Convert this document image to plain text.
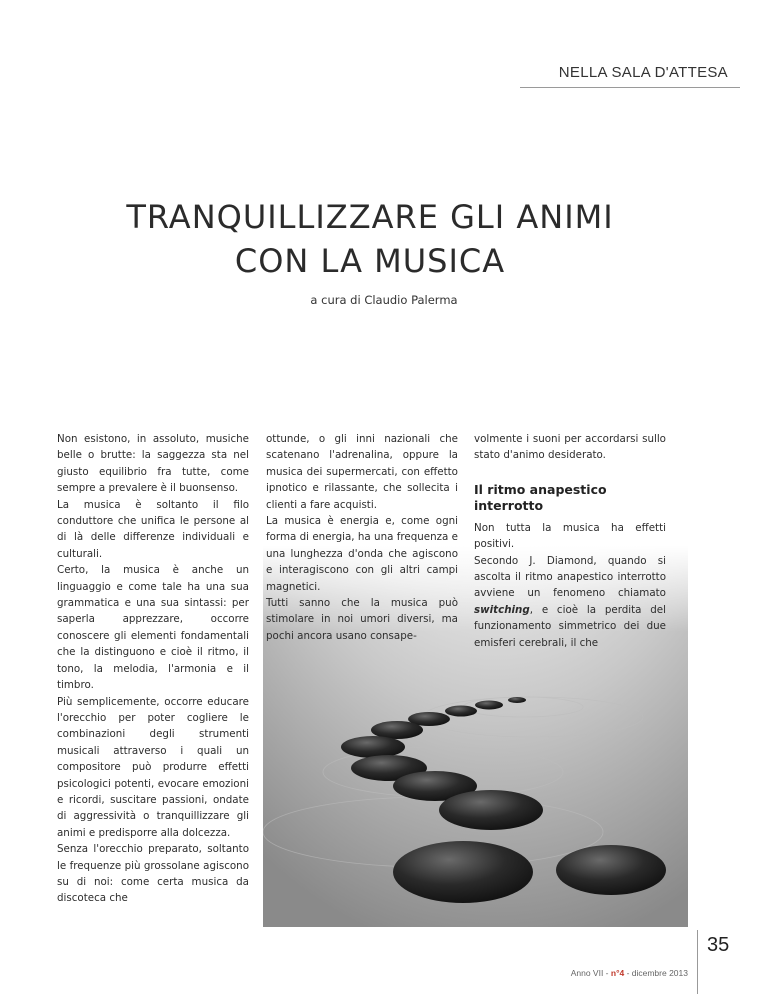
NELLA SALA D'ATTESA
TRANQUILLIZZARE GLI ANIMI
CON LA MUSICA
a cura di Claudio Palerma

Non esistono, in assoluto, musiche belle o brutte: la saggezza sta nel giusto equilibrio fra tutte, come sempre a prevalere è il buonsenso.

La musica è soltanto il filo conduttore che unifica le persone al di là delle differenze individuali e culturali.

Certo, la musica è anche un linguaggio e come tale ha una sua grammatica e una sua sintassi: per saperla apprezzare, occorre conoscere gli elementi fondamentali che la distinguono e cioè il ritmo, il tono, la melodia, l'armonia e il timbro.

Più semplicemente, occorre educare l'orecchio per poter cogliere le combinazioni degli strumenti musicali attraverso i quali un compositore può produrre effetti psicologici potenti, evocare emozioni e ricordi, suscitare passioni, ondate di aggressività o tranquillizzare gli animi e predisporre alla dolcezza.

Senza l'orecchio preparato, soltanto le frequenze più grossolane agiscono su di noi: come certa musica da discoteca che

ottunde, o gli inni nazionali che scatenano l'adrenalina, oppure la musica dei supermercati, con effetto ipnotico e rilassante, che sollecita i clienti a fare acquisti.

La musica è energia e, come ogni forma di energia, ha una frequenza e una lunghezza d'onda che agiscono e interagiscono con gli altri campi magnetici.

Tutti sanno che la musica può stimolare in noi umori diversi, ma pochi ancora usano consape-

volmente i suoni per accordarsi sullo stato d'animo desiderato.

Il ritmo anapestico interrotto

Non tutta la musica ha effetti positivi.

Secondo J. Diamond, quando si ascolta il ritmo anapestico interrotto avviene un fenomeno chiamato switching, e cioè la perdita del funzionamento simmetrico dei due emisferi cerebrali, il che

35
Anno VII - n°4 - dicembre 2013
